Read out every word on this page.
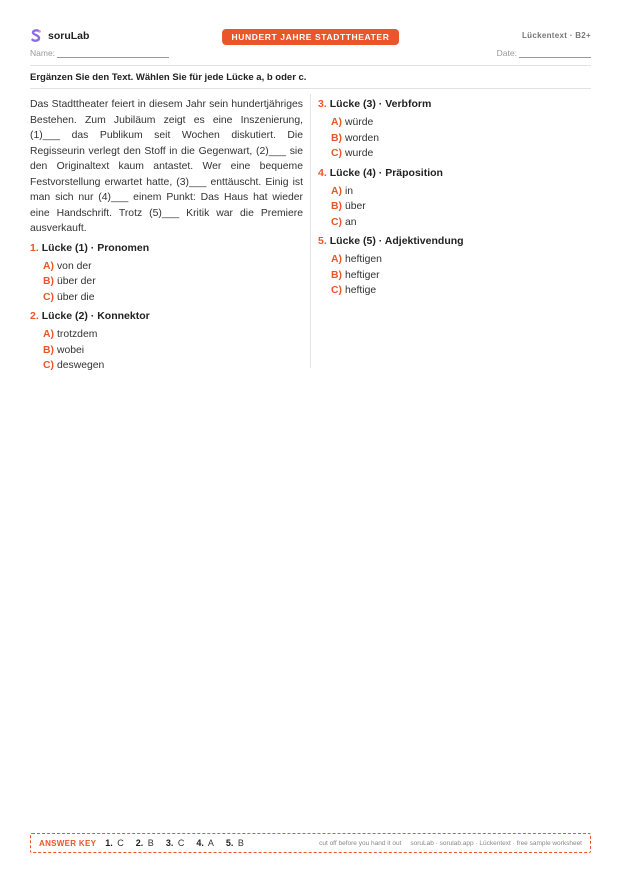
soruLab	HUNDERT JAHRE STADTTHEATER	Lückentext · B2+
Name:	Date:
Ergänzen Sie den Text. Wählen Sie für jede Lücke a, b oder c.

Das Stadttheater feiert in diesem Jahr sein hundertjähriges Bestehen. Zum Jubiläum zeigt es eine Inszenierung, (1)___ das Publikum seit Wochen diskutiert. Die Regisseurin verlegt den Stoff in die Gegenwart, (2)___ sie den Originaltext kaum antastet. Wer eine bequeme Festvorstellung erwartet hatte, (3)___ enttäuscht. Einig ist man sich nur (4)___ einem Punkt: Das Haus hat wieder eine Handschrift. Trotz (5)___ Kritik war die Premiere ausverkauft.

1. Lücke (1) · Pronomen
A) von der
B) über der
C) über die
2. Lücke (2) · Konnektor
A) trotzdem
B) wobei
C) deswegen
3. Lücke (3) · Verbform
A) würde
B) worden
C) wurde
4. Lücke (4) · Präposition
A) in
B) über
C) an
5. Lücke (5) · Adjektivendung
A) heftigen
B) heftiger
C) heftige
ANSWER KEY 1. C 2. B 3. C 4. A 5. B	cut off before you hand it out soruLab · sorulab.app · Lückentext · free sample worksheet
